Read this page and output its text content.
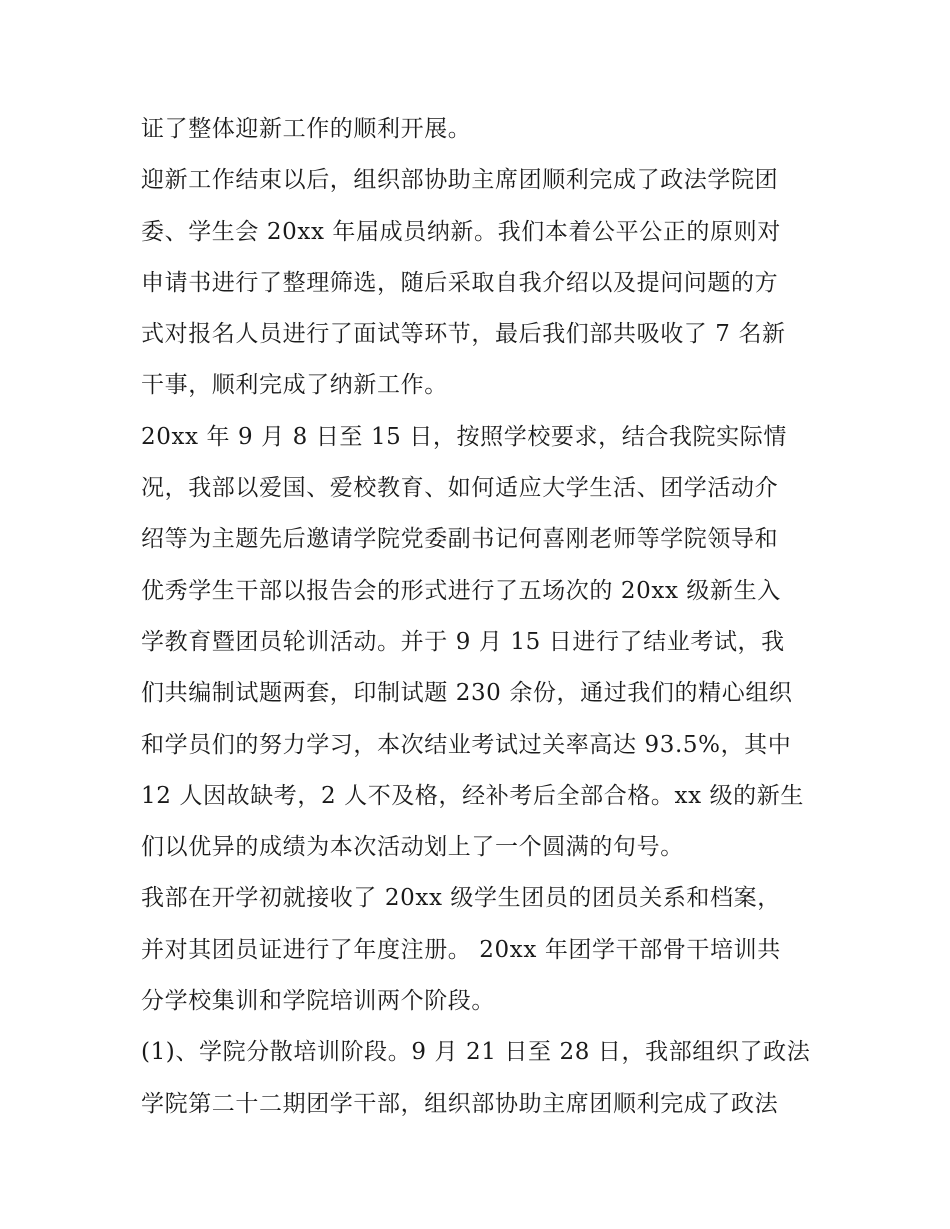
证了整体迎新工作的顺利开展。
迎新工作结束以后，组织部协助主席团顺利完成了政法学院团
委、学生会 20xx 年届成员纳新。我们本着公平公正的原则对
申请书进行了整理筛选，随后采取自我介绍以及提问问题的方
式对报名人员进行了面试等环节，最后我们部共吸收了 7 名新
干事，顺利完成了纳新工作。
20xx 年 9 月 8 日至 15 日，按照学校要求，结合我院实际情
况，我部以爱国、爱校教育、如何适应大学生活、团学活动介
绍等为主题先后邀请学院党委副书记何喜刚老师等学院领导和
优秀学生干部以报告会的形式进行了五场次的 20xx 级新生入
学教育暨团员轮训活动。并于 9 月 15 日进行了结业考试，我
们共编制试题两套，印制试题 230 余份，通过我们的精心组织
和学员们的努力学习，本次结业考试过关率高达 93.5%，其中
12 人因故缺考，2 人不及格，经补考后全部合格。xx 级的新生
们以优异的成绩为本次活动划上了一个圆满的句号。
我部在开学初就接收了 20xx 级学生团员的团员关系和档案，
并对其团员证进行了年度注册。 20xx 年团学干部骨干培训共
分学校集训和学院培训两个阶段。
(1)、学院分散培训阶段。9 月 21 日至 28 日，我部组织了政法
学院第二十二期团学干部，组织部协助主席团顺利完成了政法
